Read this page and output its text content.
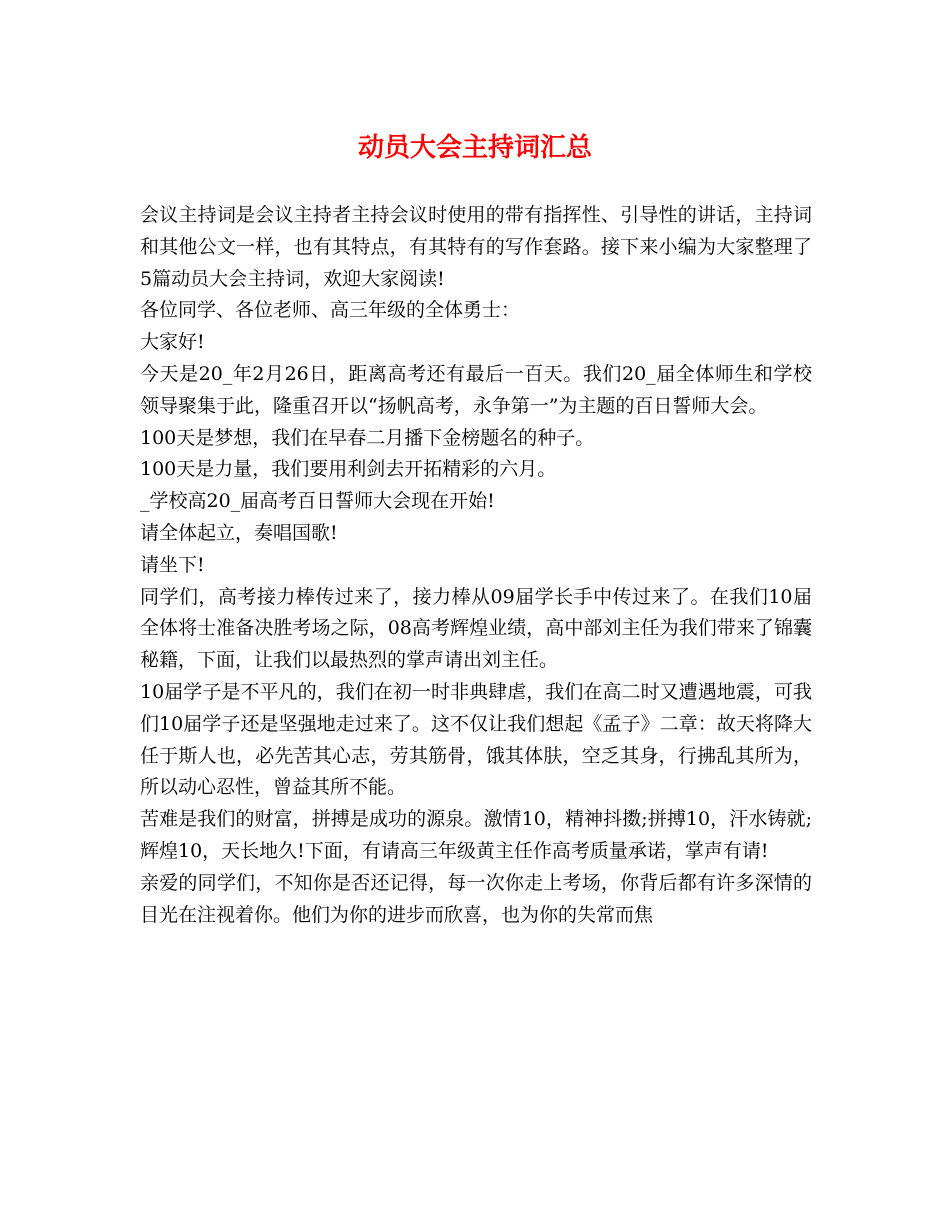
动员大会主持词汇总

会议主持词是会议主持者主持会议时使用的带有指挥性、引导性的讲话，主持词和其他公文一样，也有其特点，有其特有的写作套路。接下来小编为大家整理了5篇动员大会主持词，欢迎大家阅读!

各位同学、各位老师、高三年级的全体勇士：

大家好!

今天是20_年2月26日，距离高考还有最后一百天。我们20_届全体师生和学校领导聚集于此，隆重召开以“扬帆高考，永争第一”为主题的百日誓师大会。

100天是梦想，我们在早春二月播下金榜题名的种子。

100天是力量，我们要用利剑去开拓精彩的六月。

_学校高20_届高考百日誓师大会现在开始!

请全体起立，奏唱国歌!

请坐下!

同学们，高考接力棒传过来了，接力棒从09届学长手中传过来了。在我们10届全体将士准备决胜考场之际，08高考辉煌业绩，高中部刘主任为我们带来了锦囊秘籍，下面，让我们以最热烈的掌声请出刘主任。

10届学子是不平凡的，我们在初一时非典肆虐，我们在高二时又遭遇地震，可我们10届学子还是坚强地走过来了。这不仅让我们想起《孟子》二章：故天将降大任于斯人也，必先苦其心志，劳其筋骨，饿其体肤，空乏其身，行拂乱其所为，所以动心忍性，曾益其所不能。

苦难是我们的财富，拼搏是成功的源泉。激情10，精神抖擞;拼搏10，汗水铸就;辉煌10，天长地久!下面，有请高三年级黄主任作高考质量承诺，掌声有请!

亲爱的同学们，不知你是否还记得，每一次你走上考场，你背后都有许多深情的目光在注视着你。他们为你的进步而欣喜，也为你的失常而焦
